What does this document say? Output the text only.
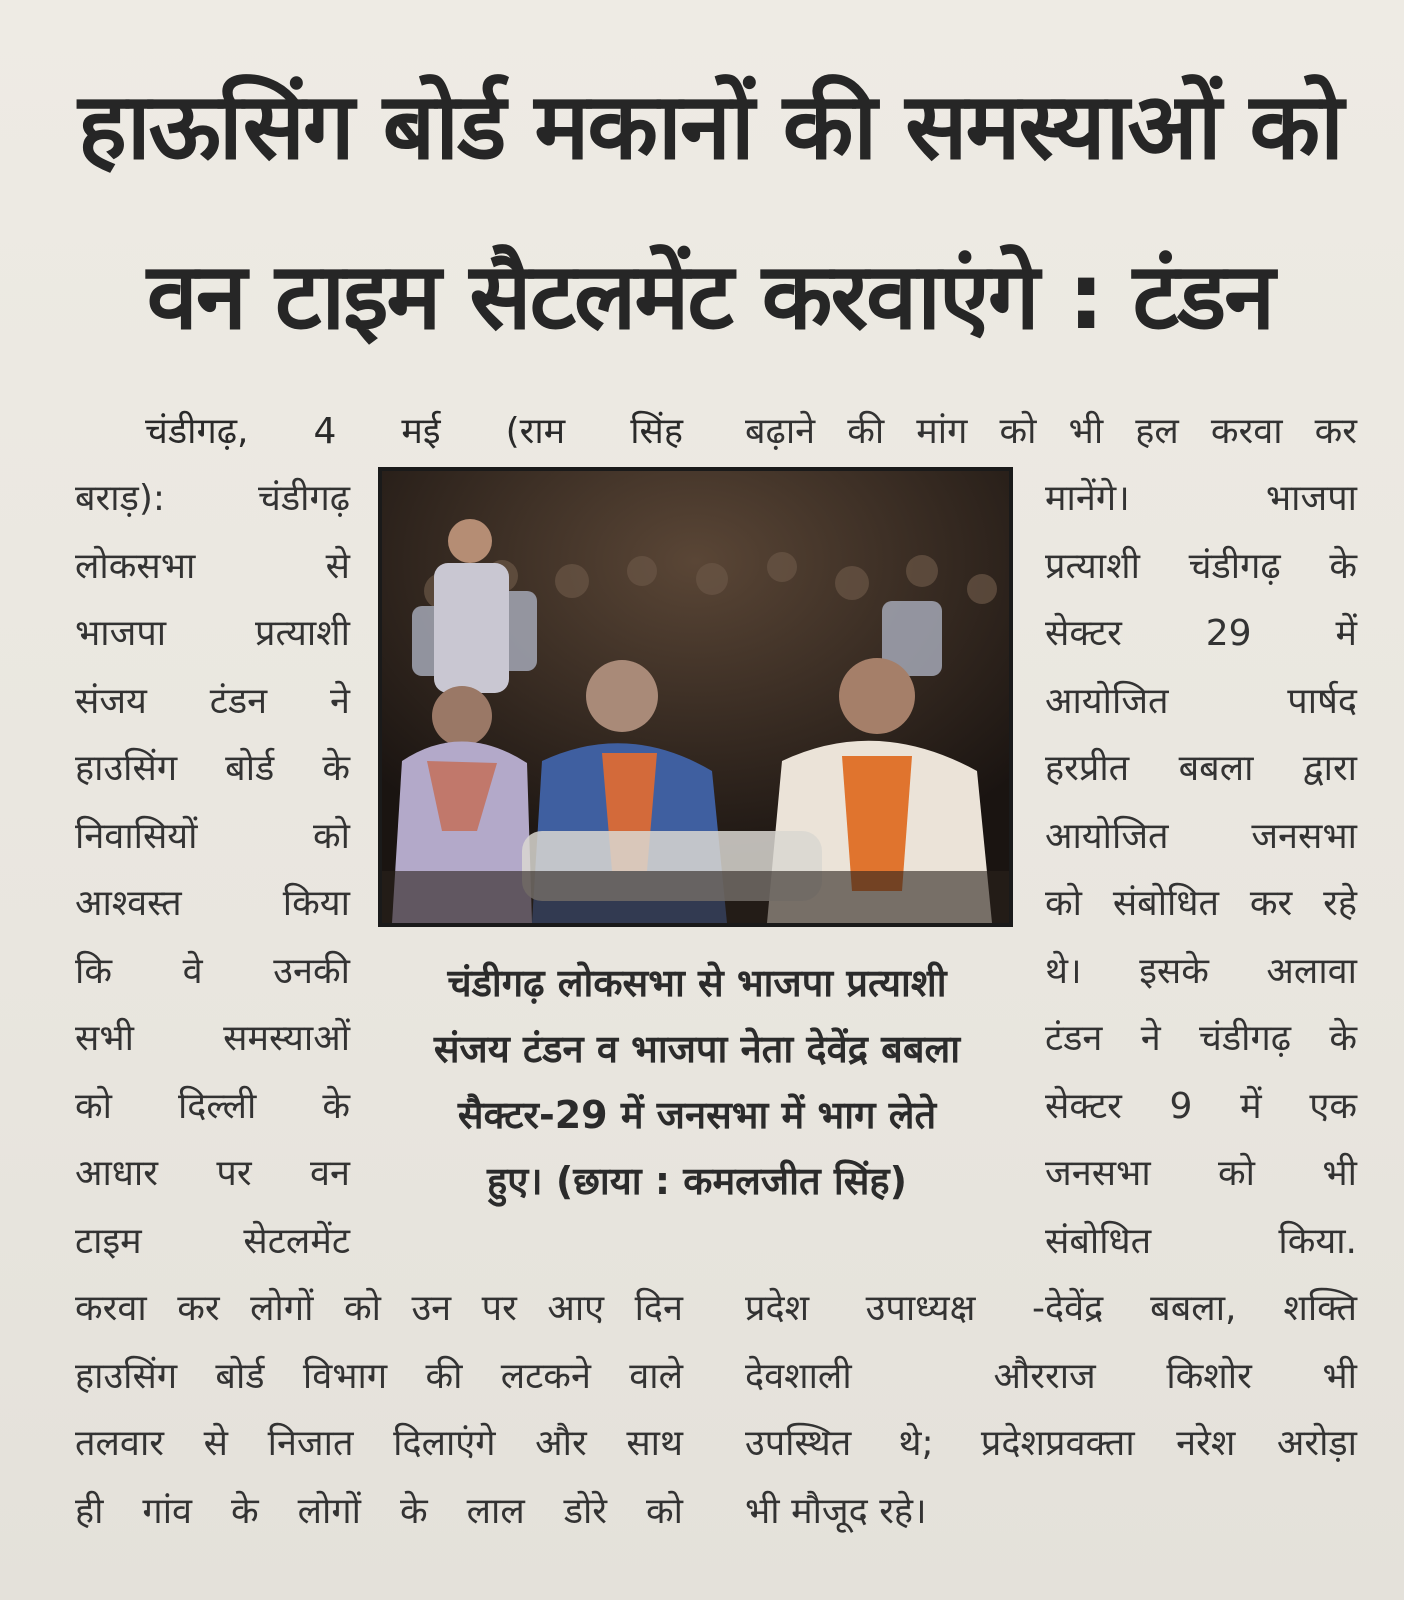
हाऊसिंग बोर्ड मकानों की समस्याओं को
वन टाइम सैटलमेंट करवाएंगे : टंडन
चंडीगढ़, 4 मई (राम सिंह
बराड़): चंडीगढ़
लोकसभा से
भाजपा प्रत्याशी
संजय टंडन ने
हाउसिंग बोर्ड के
निवासियों को
आश्वस्त किया
कि वे उनकी
सभी समस्याओं
को दिल्ली के
आधार पर वन
टाइम सेटलमेंट
करवा कर लोगों को उन पर आए दिन
हाउसिंग बोर्ड विभाग की लटकने वाले
तलवार से निजात दिलाएंगे और साथ
ही गांव के लोगों के लाल डोरे को
बढ़ाने की मांग को भी हल करवा कर
मानेंगे। भाजपा
प्रत्याशी चंडीगढ़ के
सेक्टर 29 में
आयोजित पार्षद
हरप्रीत बबला द्वारा
आयोजित जनसभा
को संबोधित कर रहे
थे। इसके अलावा
टंडन ने चंडीगढ़ के
सेक्टर 9 में एक
जनसभा को भी
संबोधित किया.
प्रदेश उपाध्यक्ष -
देवशाली और
उपस्थित थे; प्रदेश
भी मौजूद रहे।
देवेंद्र बबला, शक्ति
राज किशोर भी
प्रवक्ता नरेश अरोड़ा
चंडीगढ़ लोकसभा से भाजपा प्रत्याशी
संजय टंडन व भाजपा नेता देवेंद्र बबला
सैक्टर-29 में जनसभा में भाग लेते
हुए। (छाया : कमलजीत सिंह)
